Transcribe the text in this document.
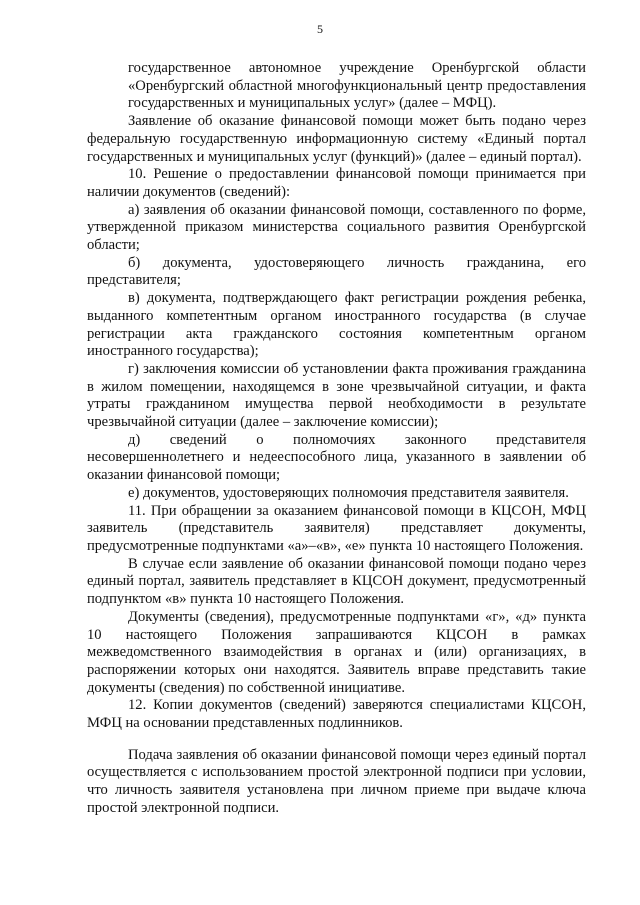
5

государственное автономное учреждение Оренбургской области «Оренбургский областной многофункциональный центр предоставления государственных и муниципальных услуг» (далее – МФЦ).

Заявление об оказание финансовой помощи может быть подано через федеральную государственную информационную систему «Единый портал государственных и муниципальных услуг (функций)» (далее – единый портал).

10. Решение о предоставлении финансовой помощи принимается при наличии документов (сведений):

а) заявления об оказании финансовой помощи, составленного по форме, утвержденной приказом министерства социального развития Оренбургской области;

б) документа, удостоверяющего личность гражданина, его представителя;

в) документа, подтверждающего факт регистрации рождения ребенка, выданного компетентным органом иностранного государства (в случае регистрации акта гражданского состояния компетентным органом иностранного государства);

г) заключения комиссии об установлении факта проживания гражданина в жилом помещении, находящемся в зоне чрезвычайной ситуации, и факта утраты гражданином имущества первой необходимости в результате чрезвычайной ситуации (далее – заключение комиссии);

д) сведений о полномочиях законного представителя несовершеннолетнего и недееспособного лица, указанного в заявлении об оказании финансовой помощи;

е) документов, удостоверяющих полномочия представителя заявителя.

11. При обращении за оказанием финансовой помощи в КЦСОН, МФЦ заявитель (представитель заявителя) представляет документы, предусмотренные подпунктами «а»–«в», «е» пункта 10 настоящего Положения.

В случае если заявление об оказании финансовой помощи подано через единый портал, заявитель представляет в КЦСОН документ, предусмотренный подпунктом «в» пункта 10 настоящего Положения.

Документы (сведения), предусмотренные подпунктами «г», «д» пункта 10 настоящего Положения запрашиваются КЦСОН в рамках межведомственного взаимодействия в органах и (или) организациях, в распоряжении которых они находятся. Заявитель вправе представить такие документы (сведения) по собственной инициативе.

12. Копии документов (сведений) заверяются специалистами КЦСОН, МФЦ на основании представленных подлинников.

Подача заявления об оказании финансовой помощи через единый портал осуществляется с использованием простой электронной подписи при условии, что личность заявителя установлена при личном приеме при выдаче ключа простой электронной подписи.
